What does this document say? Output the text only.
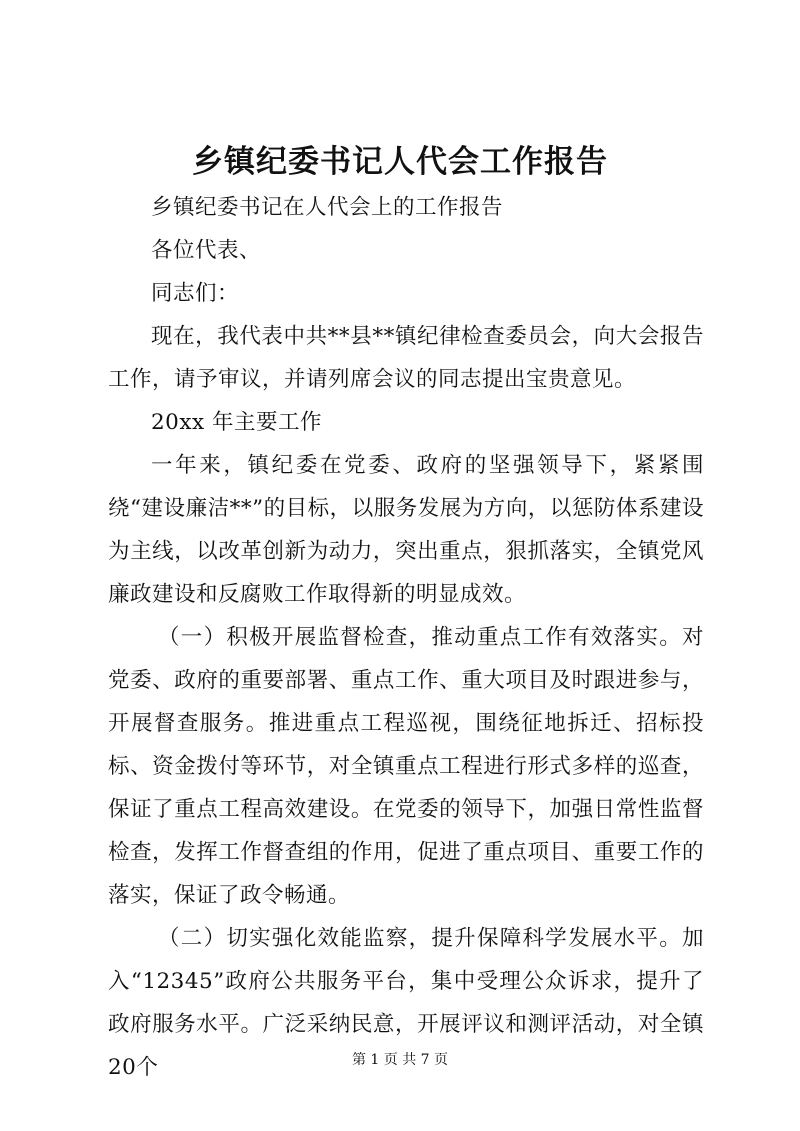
乡镇纪委书记人代会工作报告

乡镇纪委书记在人代会上的工作报告

各位代表、

同志们：

现在，我代表中共**县**镇纪律检查委员会，向大会报告工作，请予审议，并请列席会议的同志提出宝贵意见。

20xx 年主要工作

一年来，镇纪委在党委、政府的坚强领导下，紧紧围绕“建设廉洁**”的目标，以服务发展为方向，以惩防体系建设为主线，以改革创新为动力，突出重点，狠抓落实，全镇党风廉政建设和反腐败工作取得新的明显成效。

（一）积极开展监督检查，推动重点工作有效落实。对党委、政府的重要部署、重点工作、重大项目及时跟进参与，开展督查服务。推进重点工程巡视，围绕征地拆迁、招标投标、资金拨付等环节，对全镇重点工程进行形式多样的巡查，保证了重点工程高效建设。在党委的领导下，加强日常性监督检查，发挥工作督查组的作用，促进了重点项目、重要工作的落实，保证了政令畅通。

（二）切实强化效能监察，提升保障科学发展水平。加入“12345”政府公共服务平台，集中受理公众诉求，提升了政府服务水平。广泛采纳民意，开展评议和测评活动，对全镇20个	第 1 页 共 7 页
